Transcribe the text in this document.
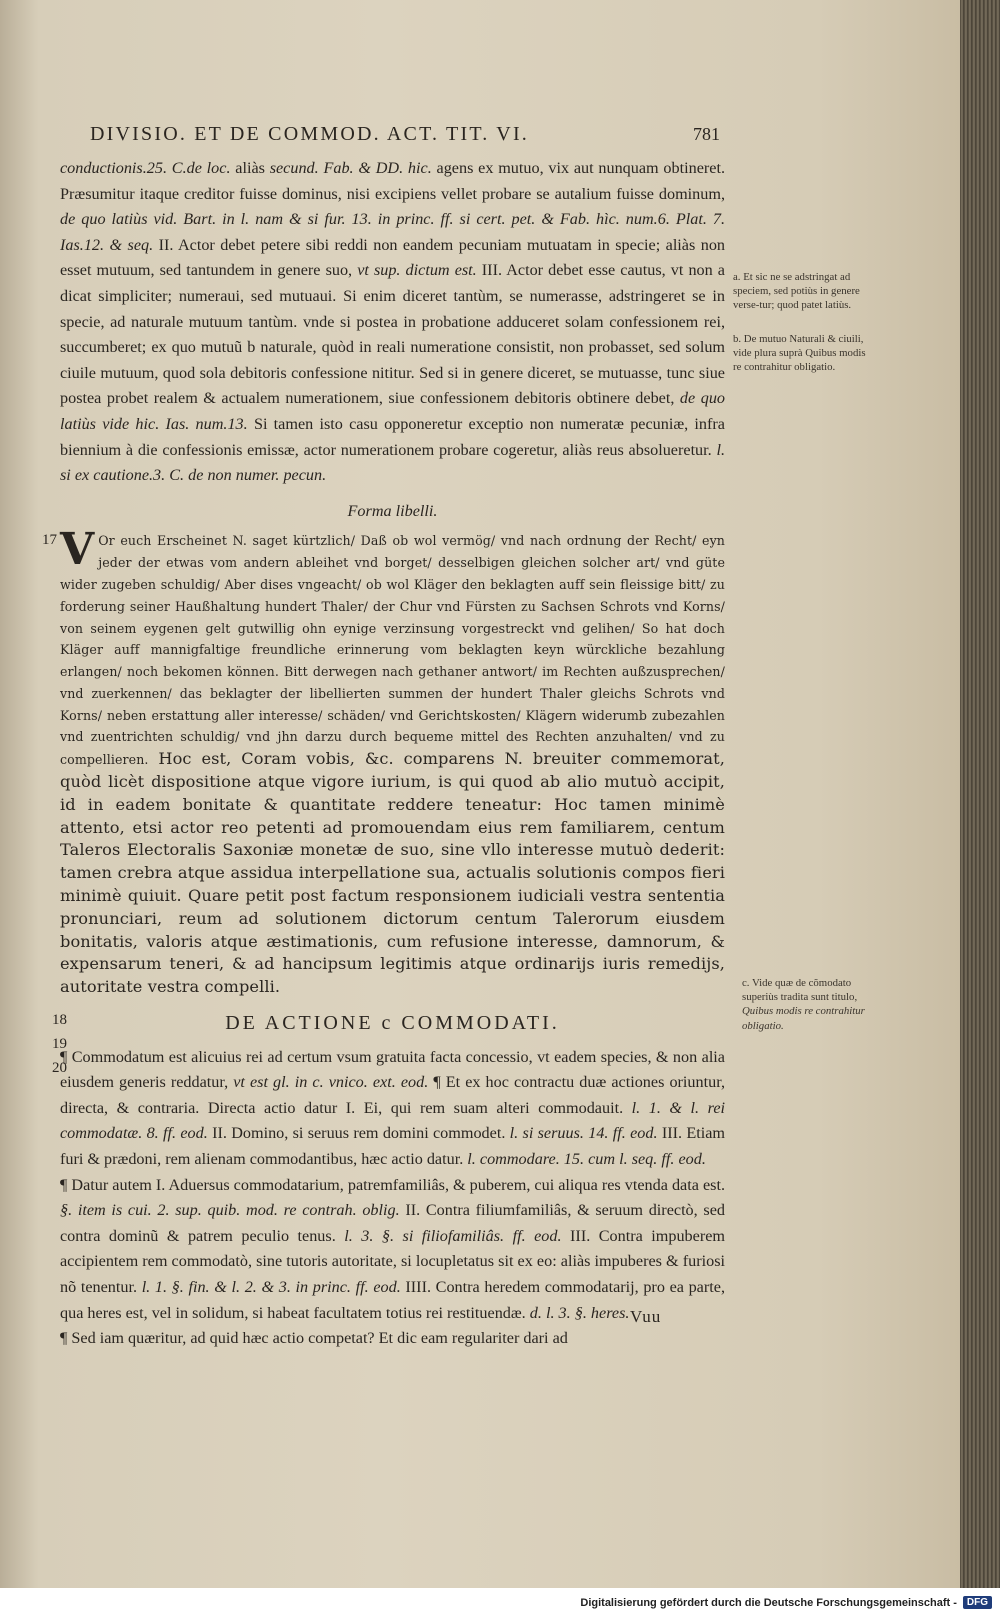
DIVISIO. ET DE COMMOD. ACT. TIT. VI.	781

conductionis.25. C.de loc. aliàs secund. Fab. & DD. hic. agens ex mutuo, vix aut nunquam obtineret. Præsumitur itaque creditor fuisse dominus, nisi excipiens vellet probare se autalium fuisse dominum, de quo latiùs vid. Bart. in l. nam & si fur. 13. in princ. ff. si cert. pet. & Fab. hìc. num.6. Plat. 7. Ias.12. & seq. II. Actor debet petere sibi reddi non eandem pecuniam mutuatam in specie; aliàs non esset mutuum, sed tantundem in genere suo, vt sup. dictum est. III. Actor debet esse cautus, vt non a dicat simpliciter; numeraui, sed mutuaui. Si enim diceret tantùm, se numerasse, adstringeret se in specie, ad naturale mutuum tantùm. vnde si postea in probatione adduceret solam confessionem rei, succumberet; ex quo mutuũ b naturale, quòd in reali numeratione consistit, non probasset, sed solum ciuile mutuum, quod sola debitoris confessione nititur. Sed si in genere diceret, se mutuasse, tunc siue postea probet realem & actualem numerationem, siue confessionem debitoris obtinere debet, de quo latiùs vide hic. Ias. num.13. Si tamen isto casu opponeretur exceptio non numeratæ pecuniæ, infra biennium à die confessionis emissæ, actor numerationem probare cogeretur, aliàs reus absolueretur. l. si ex cautione.3. C. de non numer. pecun.

Forma libelli.

V Or euch Erscheinet N. saget kürtzlich/ Daß ob wol vermög/ vnd nach ordnung der Recht/ eyn jeder der etwas vom andern ableihet vnd borget/ desselbigen gleichen solcher art/ vnd güte wider zugeben schuldig/ Aber dises vngeacht/ ob wol Kläger den beklagten auff sein fleissige bitt/ zu forderung seiner Haußhaltung hundert Thaler/ der Chur vnd Fürsten zu Sachsen Schrots vnd Korns/ von seinem eygenen gelt gutwillig ohn eynige verzinsung vorgestreckt vnd gelihen/ So hat doch Kläger auff mannigfaltige freundliche erinnerung vom beklagten keyn würckliche bezahlung erlangen/ noch bekomen können. Bitt derwegen nach gethaner antwort/ im Rechten außzusprechen/ vnd zuerkennen/ das beklagter der libellierten summen der hundert Thaler gleichs Schrots vnd Korns/ neben erstattung aller interesse/ schäden/ vnd Gerichtskosten/ Klägern widerumb zubezahlen vnd zuentrichten schuldig/ vnd jhn darzu durch bequeme mittel des Rechten anzuhalten/ vnd zu compellieren. Hoc est, Coram vobis, &c. comparens N. breuiter commemorat, quòd licèt dispositione atque vigore iurium, is qui quod ab alio mutuò accipit, id in eadem bonitate & quantitate reddere teneatur: Hoc tamen minimè attento, etsi actor reo petenti ad promouendam eius rem familiarem, centum Taleros Electoralis Saxoniæ monetæ de suo, sine vllo interesse mutuò dederit: tamen crebra atque assidua interpellatione sua, actualis solutionis compos fieri minimè quiuit. Quare petit post factum responsionem iudiciali vestra sententia pronunciari, reum ad solutionem dictorum centum Talerorum eiusdem bonitatis, valoris atque æstimationis, cum refusione interesse, damnorum, & expensarum teneri, & ad hancipsum legitimis atque ordinarijs iuris remedijs, autoritate vestra compelli.

DE ACTIONE c COMMODATI.

¶ Commodatum est alicuius rei ad certum vsum gratuita facta concessio, vt eadem species, & non alia eiusdem generis reddatur, vt est gl. in c. vnico. ext. eod. ¶ Et ex hoc contractu duæ actiones oriuntur, directa, & contraria. Directa actio datur I. Ei, qui rem suam alteri commodauit. l. 1. & l. rei commodatæ. 8. ff. eod. II. Domino, si seruus rem domini commodet. l. si seruus. 14. ff. eod. III. Etiam furi & prædoni, rem alienam commodantibus, hæc actio datur. l. commodare. 15. cum l. seq. ff. eod.

¶ Datur autem I. Aduersus commodatarium, patremfamiliâs, & puberem, cui aliqua res vtenda data est. §. item is cui. 2. sup. quib. mod. re contrah. oblig. II. Contra filiumfamiliâs, & seruum directò, sed contra dominũ & patrem peculio tenus. l. 3. §. si filiofamiliâs. ff. eod. III. Contra impuberem accipientem rem commodatò, sine tutoris autoritate, si locupletatus sit ex eo: aliàs impuberes & furiosi nõ tenentur. l. 1. §. fin. & l. 2. & 3. in princ. ff. eod. IIII. Contra heredem commodatarij, pro ea parte, qua heres est, vel in solidum, si habeat facultatem totius rei restituendæ. d. l. 3. §. heres.

¶ Sed iam quæritur, ad quid hæc actio competat? Et dic eam regulariter dari ad

17
18
19
20
a. Et sic ne se adstringat ad speciem, sed potiùs in genere verse-tur; quod patet latiùs.
b. De mutuo Naturali & ciuili, vide plura suprà Quibus modis re contrahitur obligatio.
c. Vide quæ de cõmodato superiùs tradita sunt titulo, Quibus modis re contrahitur obligatio.
Vuu
Digitalisierung gefördert durch die Deutsche Forschungsgemeinschaft -	DFG
